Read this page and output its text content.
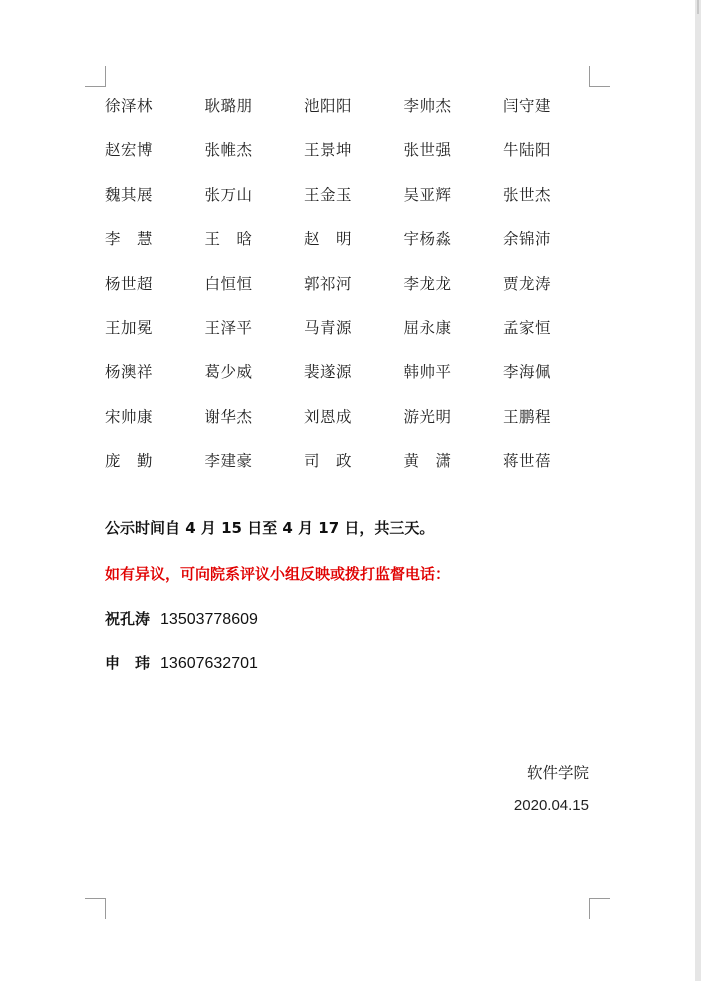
徐泽林	耿璐朋	池阳阳	李帅杰	闫守建
赵宏博	张帷杰	王景坤	张世强	牛陆阳
魏其展	张万山	王金玉	吴亚辉	张世杰
李　慧	王　晗	赵　明	宇杨淼	余锦沛
杨世超	白恒恒	郭祁河	李龙龙	贾龙涛
王加冕	王泽平	马青源	屈永康	孟家恒
杨澳祥	葛少威	裴遂源	韩帅平	李海佩
宋帅康	谢华杰	刘恩成	游光明	王鹏程
庞　勤	李建豪	司　政	黄　潇	蒋世蓓
公示时间自 4 月 15 日至 4 月 17 日，共三天。
如有异议，可向院系评议小组反映或拨打监督电话：
祝孔涛 13503778609
申　玮 13607632701
软件学院
2020.04.15
